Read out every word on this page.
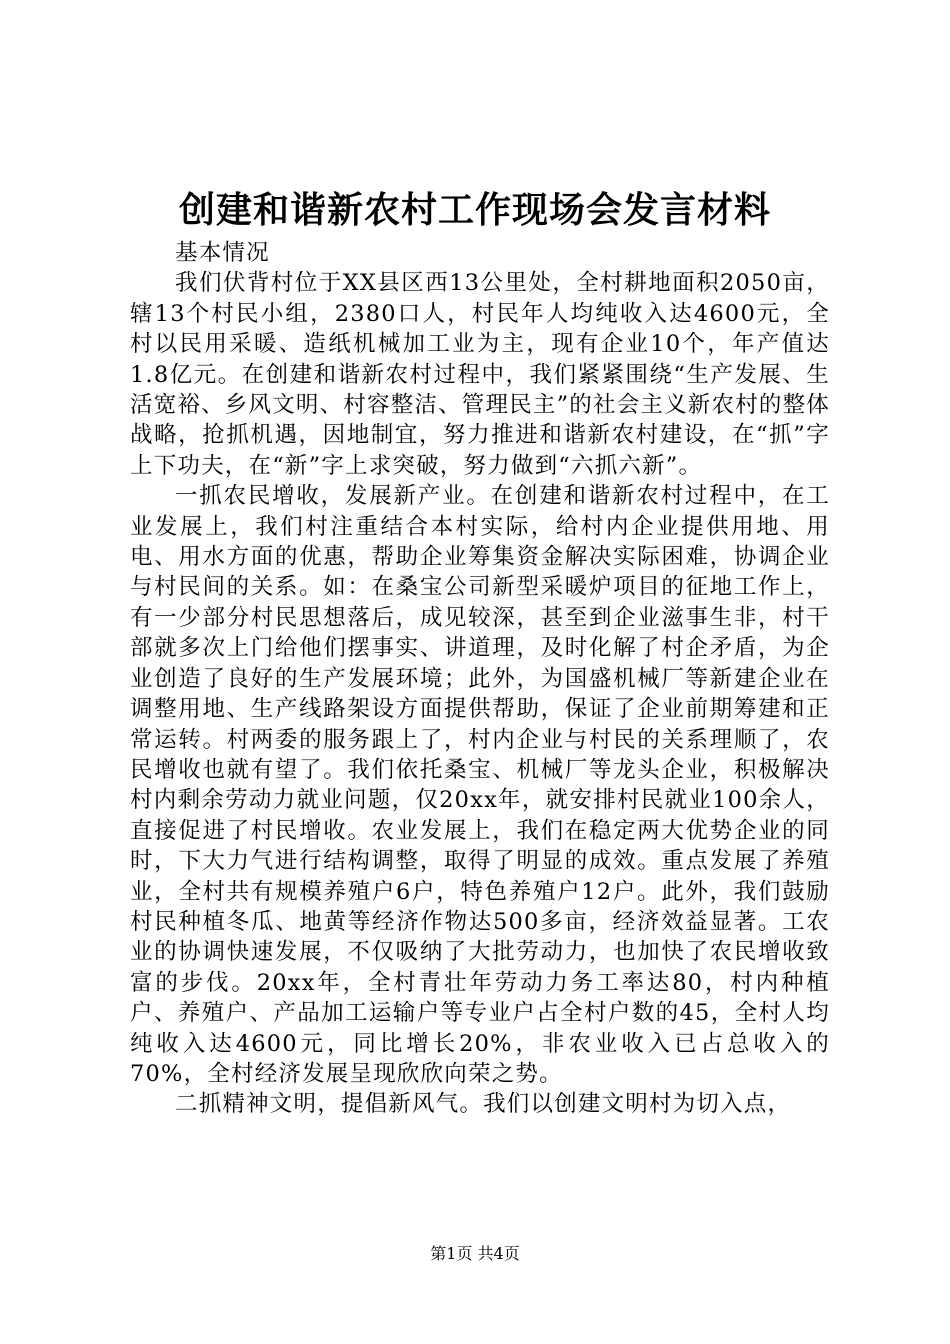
创建和谐新农村工作现场会发言材料

基本情况

我们伏背村位于XX县区西13公里处，全村耕地面积2050亩，辖13个村民小组，2380口人，村民年人均纯收入达4600元，全村以民用采暖、造纸机械加工业为主，现有企业10个，年产值达1.8亿元。在创建和谐新农村过程中，我们紧紧围绕“生产发展、生活宽裕、乡风文明、村容整洁、管理民主”的社会主义新农村的整体战略，抢抓机遇，因地制宜，努力推进和谐新农村建设，在“抓”字上下功夫，在“新”字上求突破，努力做到“六抓六新”。

一抓农民增收，发展新产业。在创建和谐新农村过程中，在工业发展上，我们村注重结合本村实际，给村内企业提供用地、用电、用水方面的优惠，帮助企业筹集资金解决实际困难，协调企业与村民间的关系。如：在桑宝公司新型采暖炉项目的征地工作上，有一少部分村民思想落后，成见较深，甚至到企业滋事生非，村干部就多次上门给他们摆事实、讲道理，及时化解了村企矛盾，为企业创造了良好的生产发展环境；此外，为国盛机械厂等新建企业在调整用地、生产线路架设方面提供帮助，保证了企业前期筹建和正常运转。村两委的服务跟上了，村内企业与村民的关系理顺了，农民增收也就有望了。我们依托桑宝、机械厂等龙头企业，积极解决村内剩余劳动力就业问题，仅20xx年，就安排村民就业100余人，直接促进了村民增收。农业发展上，我们在稳定两大优势企业的同时，下大力气进行结构调整，取得了明显的成效。重点发展了养殖业，全村共有规模养殖户6户，特色养殖户12户。此外，我们鼓励村民种植冬瓜、地黄等经济作物达500多亩，经济效益显著。工农业的协调快速发展，不仅吸纳了大批劳动力，也加快了农民增收致富的步伐。20xx年，全村青壮年劳动力务工率达80，村内种植户、养殖户、产品加工运输户等专业户占全村户数的45，全村人均纯收入达4600元，同比增长20%，非农业收入已占总收入的70%，全村经济发展呈现欣欣向荣之势。

二抓精神文明，提倡新风气。我们以创建文明村为切入点，

第1页 共4页
